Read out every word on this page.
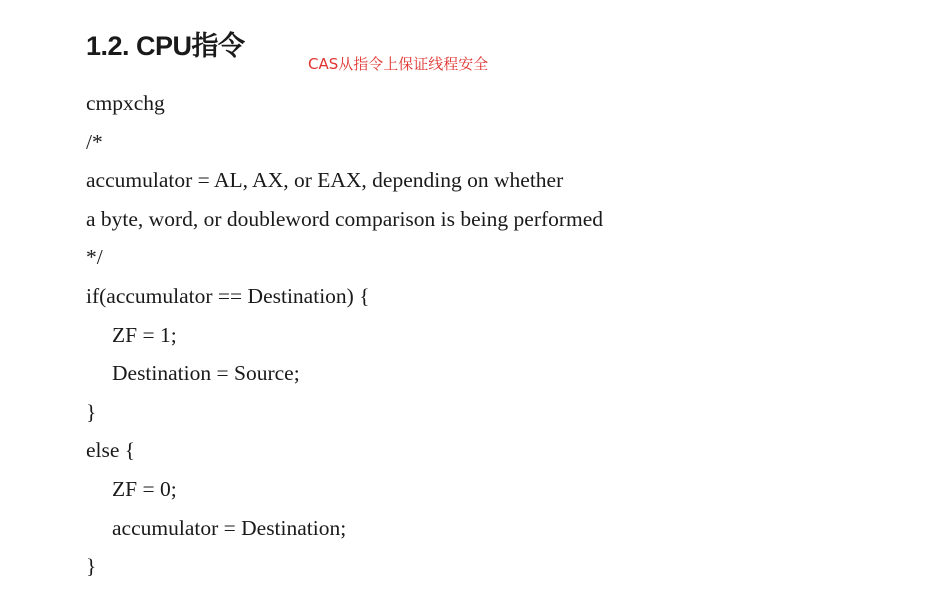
1.2. CPU指令
CAS从指令上保证线程安全
cmpxchg
/*
accumulator = AL, AX, or EAX, depending on whether
a byte, word, or doubleword comparison is being performed
*/
if(accumulator == Destination) {
ZF = 1;
Destination = Source;
}
else {
ZF = 0;
accumulator = Destination;
}
